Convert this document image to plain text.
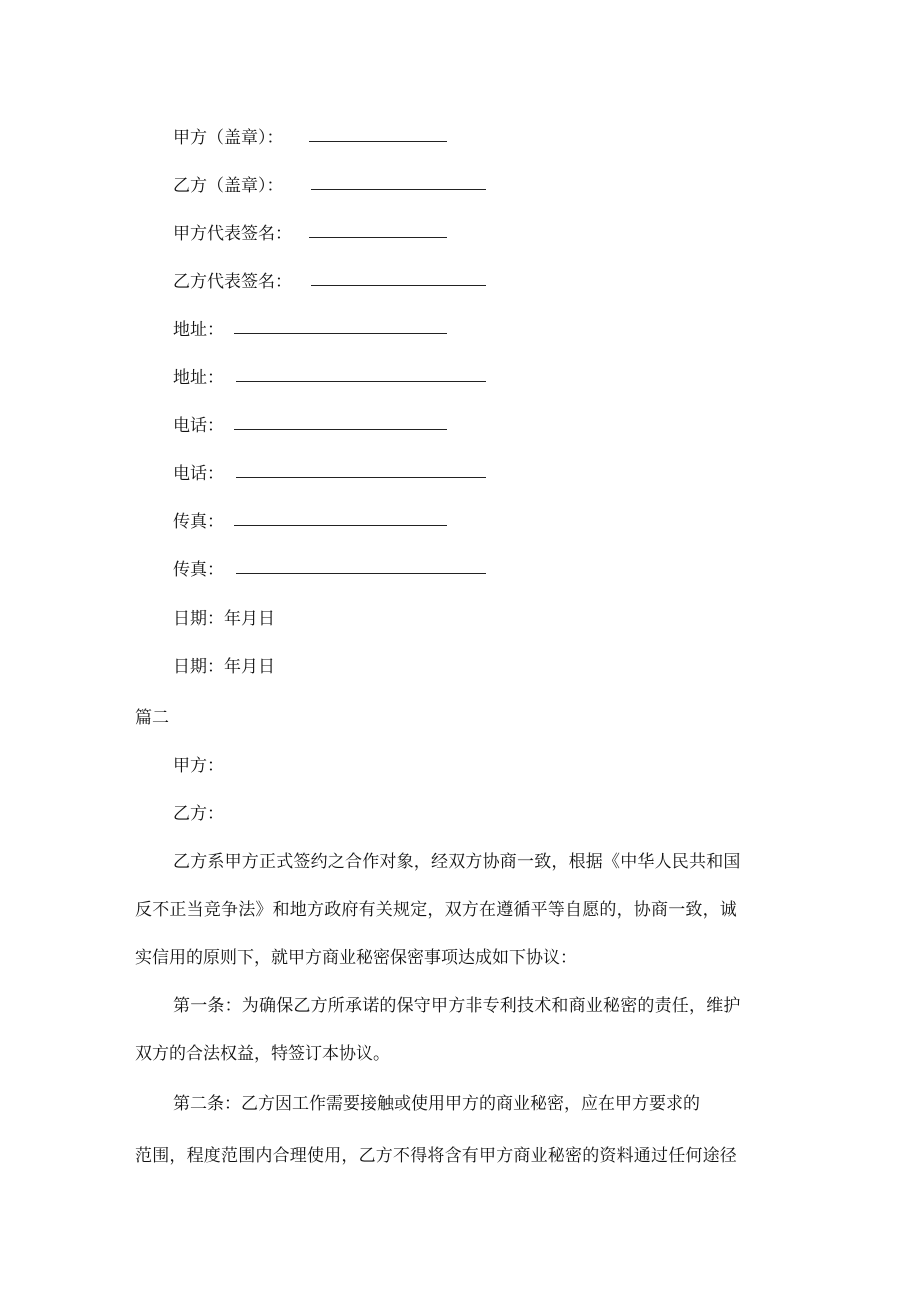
甲方（盖章）：
乙方（盖章）：
甲方代表签名：
乙方代表签名：
地址：
地址：
电话：
电话：
传真：
传真：
日期：年月日
日期：年月日
篇二
甲方：
乙方：
乙方系甲方正式签约之合作对象，经双方协商一致，根据《中华人民共和国
反不正当竞争法》和地方政府有关规定，双方在遵循平等自愿的，协商一致，诚
实信用的原则下，就甲方商业秘密保密事项达成如下协议：
第一条：为确保乙方所承诺的保守甲方非专利技术和商业秘密的责任，维护
双方的合法权益，特签订本协议。
第二条：乙方因工作需要接触或使用甲方的商业秘密，应在甲方要求的
范围，程度范围内合理使用，乙方不得将含有甲方商业秘密的资料通过任何途径
